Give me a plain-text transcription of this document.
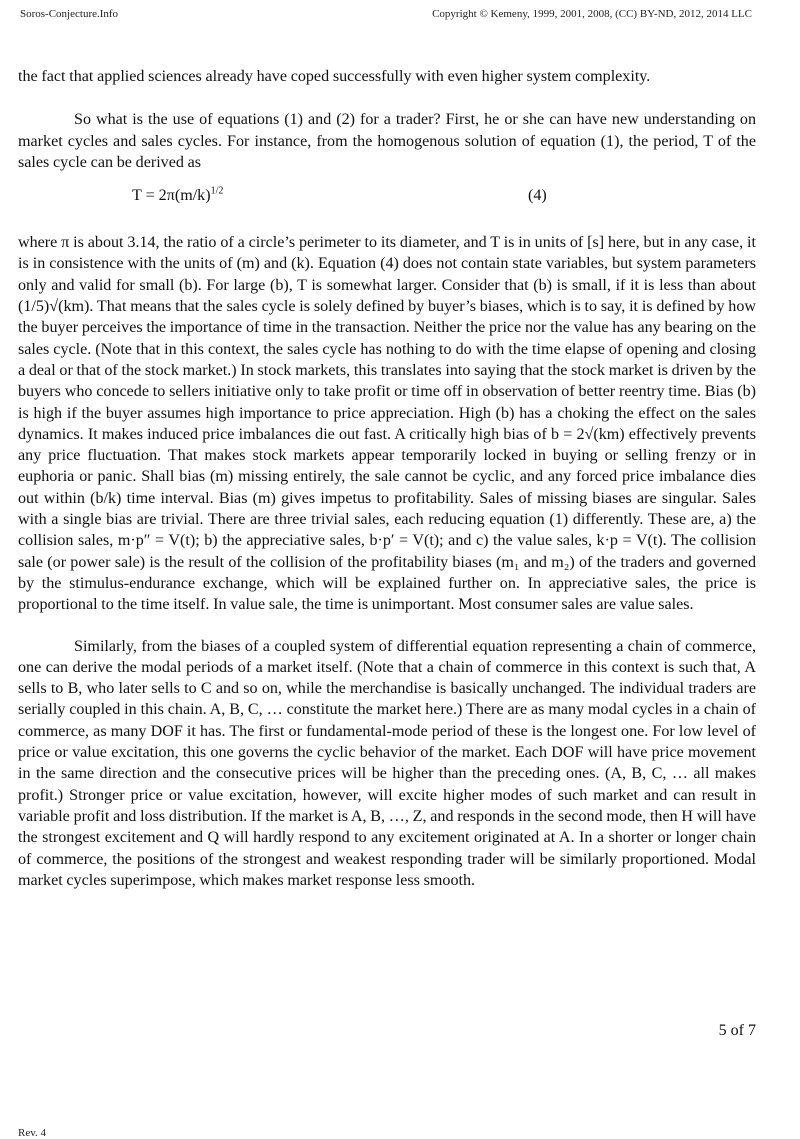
Soros-Conjecture.Info	Copyright © Kemeny, 1999, 2001, 2008, (CC) BY-ND, 2012, 2014 LLC

the fact that applied sciences already have coped successfully with even higher system complexity.

So what is the use of equations (1) and (2) for a trader? First, he or she can have new understanding on market cycles and sales cycles. For instance, from the homogenous solution of equation (1), the period, T of the sales cycle can be derived as

$T = 2\pi(m/k)^{1/2}$	(4)

where π is about 3.14, the ratio of a circle’s perimeter to its diameter, and T is in units of [s] here, but in any case, it is in consistence with the units of (m) and (k). Equation (4) does not contain state variables, but system parameters only and valid for small (b). For large (b), T is somewhat larger. Consider that (b) is small, if it is less than about (1/5)√(km). That means that the sales cycle is solely defined by buyer’s biases, which is to say, it is defined by how the buyer perceives the importance of time in the transaction. Neither the price nor the value has any bearing on the sales cycle. (Note that in this context, the sales cycle has nothing to do with the time elapse of opening and closing a deal or that of the stock market.) In stock markets, this translates into saying that the stock market is driven by the buyers who concede to sellers initiative only to take profit or time off in observation of better reentry time. Bias (b) is high if the buyer assumes high importance to price appreciation. High (b) has a choking the effect on the sales dynamics. It makes induced price imbalances die out fast. A critically high bias of b = 2√(km) effectively prevents any price fluctuation. That makes stock markets appear temporarily locked in buying or selling frenzy or in euphoria or panic. Shall bias (m) missing entirely, the sale cannot be cyclic, and any forced price imbalance dies out within (b/k) time interval. Bias (m) gives impetus to profitability. Sales of missing biases are singular. Sales with a single bias are trivial. There are three trivial sales, each reducing equation (1) differently. These are, a) the collision sales, m·p″ = V(t); b) the appreciative sales, b·p′ = V(t); and c) the value sales, k·p = V(t). The collision sale (or power sale) is the result of the collision of the profitability biases (m₁ and m₂) of the traders and governed by the stimulus-endurance exchange, which will be explained further on. In appreciative sales, the price is proportional to the time itself. In value sale, the time is unimportant. Most consumer sales are value sales.

Similarly, from the biases of a coupled system of differential equation representing a chain of commerce, one can derive the modal periods of a market itself. (Note that a chain of commerce in this context is such that, A sells to B, who later sells to C and so on, while the merchandise is basically unchanged. The individual traders are serially coupled in this chain. A, B, C, … constitute the market here.) There are as many modal cycles in a chain of commerce, as many DOF it has. The first or fundamental-mode period of these is the longest one. For low level of price or value excitation, this one governs the cyclic behavior of the market. Each DOF will have price movement in the same direction and the consecutive prices will be higher than the preceding ones. (A, B, C, … all makes profit.) Stronger price or value excitation, however, will excite higher modes of such market and can result in variable profit and loss distribution. If the market is A, B, …, Z, and responds in the second mode, then H will have the strongest excitement and Q will hardly respond to any excitement originated at A. In a shorter or longer chain of commerce, the positions of the strongest and weakest responding trader will be similarly proportioned. Modal market cycles superimpose, which makes market response less smooth.

5 of 7
Rev. 4
